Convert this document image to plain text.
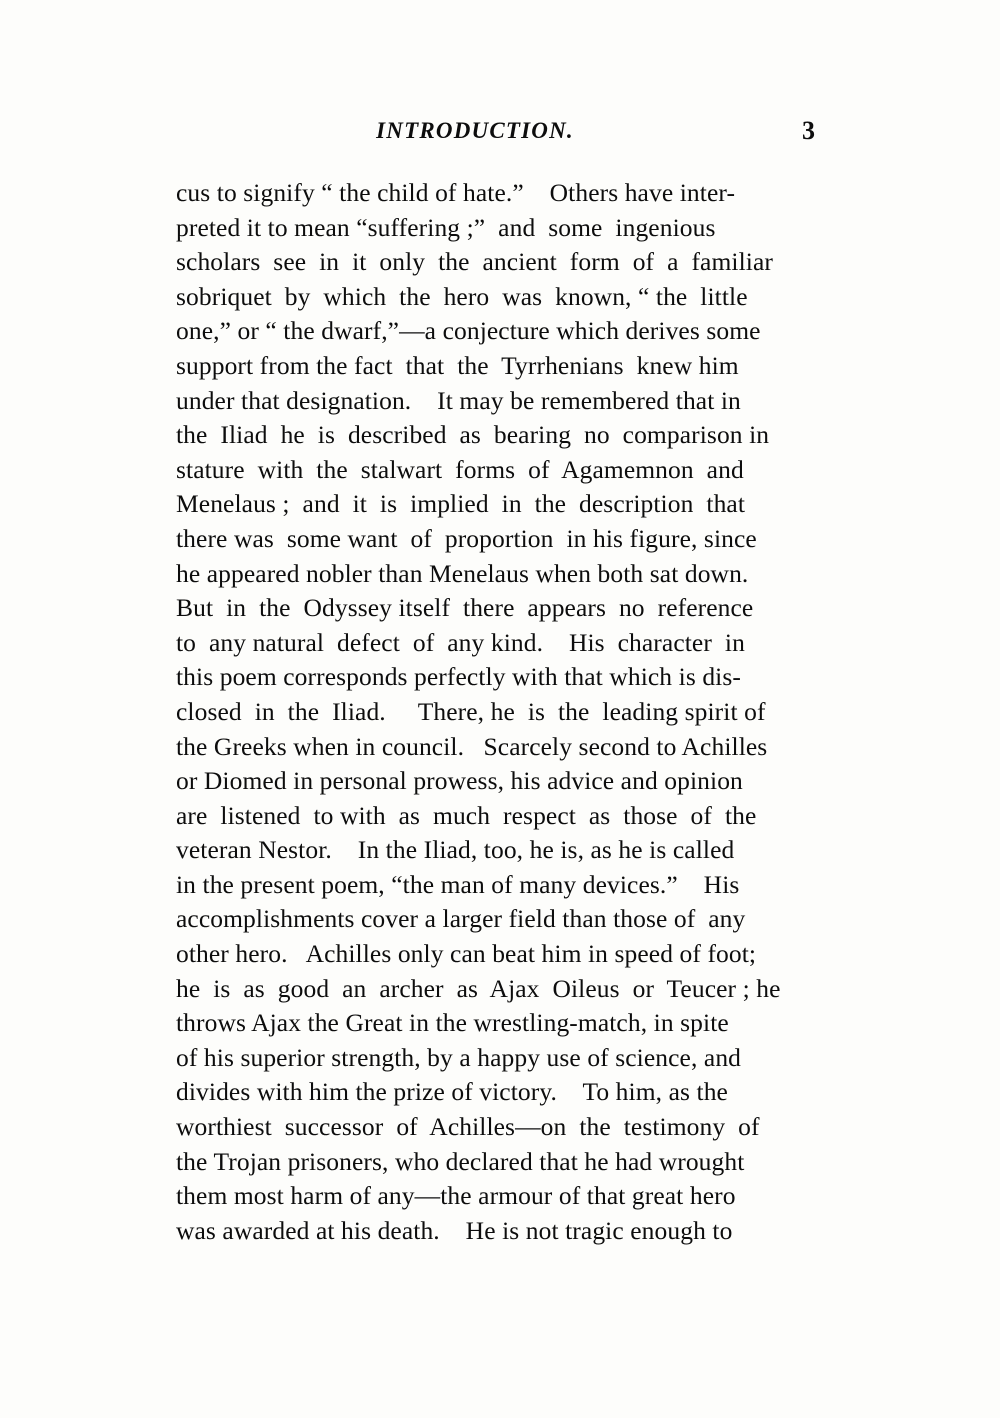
INTRODUCTION.	3
cus to signify “ the child of hate.”    Others have inter-
preted it to mean “suffering ;”  and  some  ingenious
scholars  see  in  it  only  the  ancient  form  of  a  familiar
sobriquet  by  which  the  hero  was  known, “ the  little
one,” or “ the dwarf,”—a conjecture which derives some
support from the fact  that  the  Tyrrhenians  knew him
under that designation.    It may be remembered that in
the  Iliad  he  is  described  as  bearing  no  comparison in
stature  with  the  stalwart  forms  of  Agamemnon  and
Menelaus ;  and  it  is  implied  in  the  description  that
there was  some want  of  proportion  in his figure, since
he appeared nobler than Menelaus when both sat down.
But  in  the  Odyssey itself  there  appears  no  reference
to  any natural  defect  of  any kind.    His  character  in
this poem corresponds perfectly with that which is dis-
closed  in  the  Iliad.     There, he  is  the  leading spirit of
the Greeks when in council.   Scarcely second to Achilles
or Diomed in personal prowess, his advice and opinion
are  listened  to with  as  much  respect  as  those  of  the
veteran Nestor.    In the Iliad, too, he is, as he is called
in the present poem, “the man of many devices.”    His
accomplishments cover a larger field than those of  any
other hero.   Achilles only can beat him in speed of foot;
he  is  as  good  an  archer  as  Ajax  Oileus  or  Teucer ; he
throws Ajax the Great in the wrestling-match, in spite
of his superior strength, by a happy use of science, and
divides with him the prize of victory.    To him, as the
worthiest  successor  of  Achilles—on  the  testimony  of
the Trojan prisoners, who declared that he had wrought
them most harm of any—the armour of that great hero
was awarded at his death.    He is not tragic enough to
